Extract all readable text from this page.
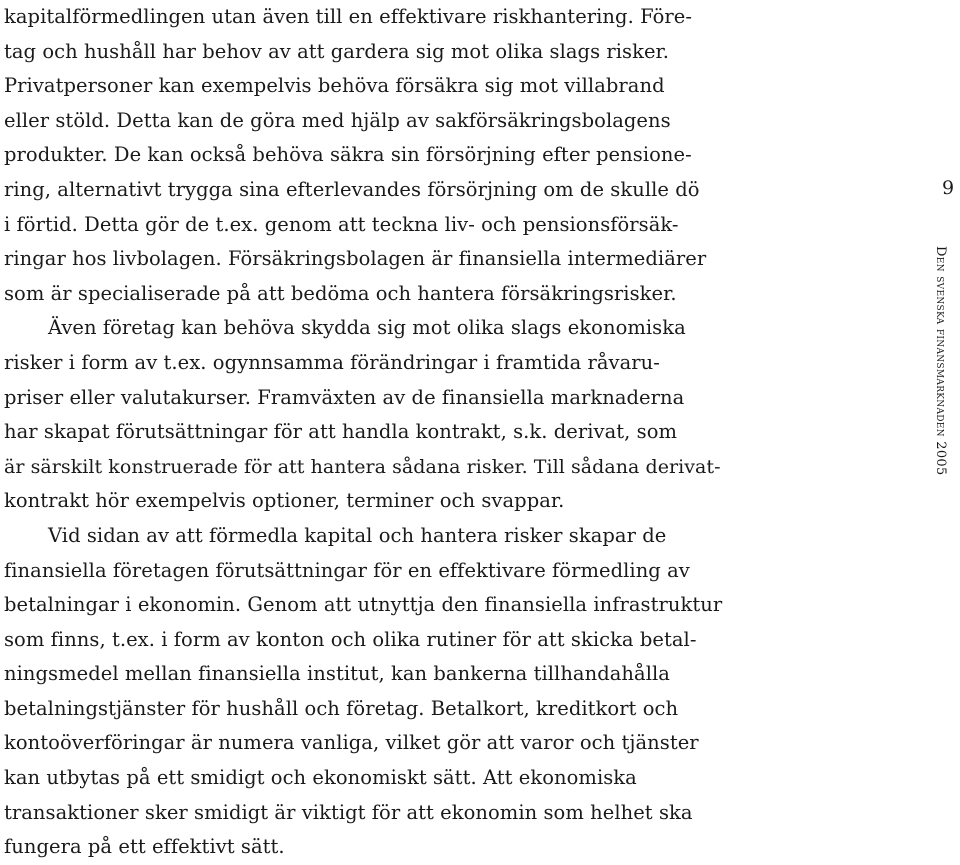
kapitalförmedlingen utan även till en effektivare riskhantering. Före-
tag och hushåll har behov av att gardera sig mot olika slags risker.
Privatpersoner kan exempelvis behöva försäkra sig mot villabrand
eller stöld. Detta kan de göra med hjälp av sakförsäkringsbolagens
produkter. De kan också behöva säkra sin försörjning efter pensione-
ring, alternativt trygga sina efterlevandes försörjning om de skulle dö
i förtid. Detta gör de t.ex. genom att teckna liv- och pensionsförsäk-
ringar hos livbolagen. Försäkringsbolagen är finansiella intermediärer
som är specialiserade på att bedöma och hantera försäkringsrisker.
Även företag kan behöva skydda sig mot olika slags ekonomiska
risker i form av t.ex. ogynnsamma förändringar i framtida råvaru-
priser eller valutakurser. Framväxten av de finansiella marknaderna
har skapat förutsättningar för att handla kontrakt, s.k. derivat, som
är särskilt konstruerade för att hantera sådana risker. Till sådana derivat-
kontrakt hör exempelvis optioner, terminer och svappar.
Vid sidan av att förmedla kapital och hantera risker skapar de
finansiella företagen förutsättningar för en effektivare förmedling av
betalningar i ekonomin. Genom att utnyttja den finansiella infrastruktur
som finns, t.ex. i form av konton och olika rutiner för att skicka betal-
ningsmedel mellan finansiella institut, kan bankerna tillhandahålla
betalningstjänster för hushåll och företag. Betalkort, kreditkort och
kontoöverföringar är numera vanliga, vilket gör att varor och tjänster
kan utbytas på ett smidigt och ekonomiskt sätt. Att ekonomiska
transaktioner sker smidigt är viktigt för att ekonomin som helhet ska
fungera på ett effektivt sätt.
9
Den svenska finansmarknaden 2005
